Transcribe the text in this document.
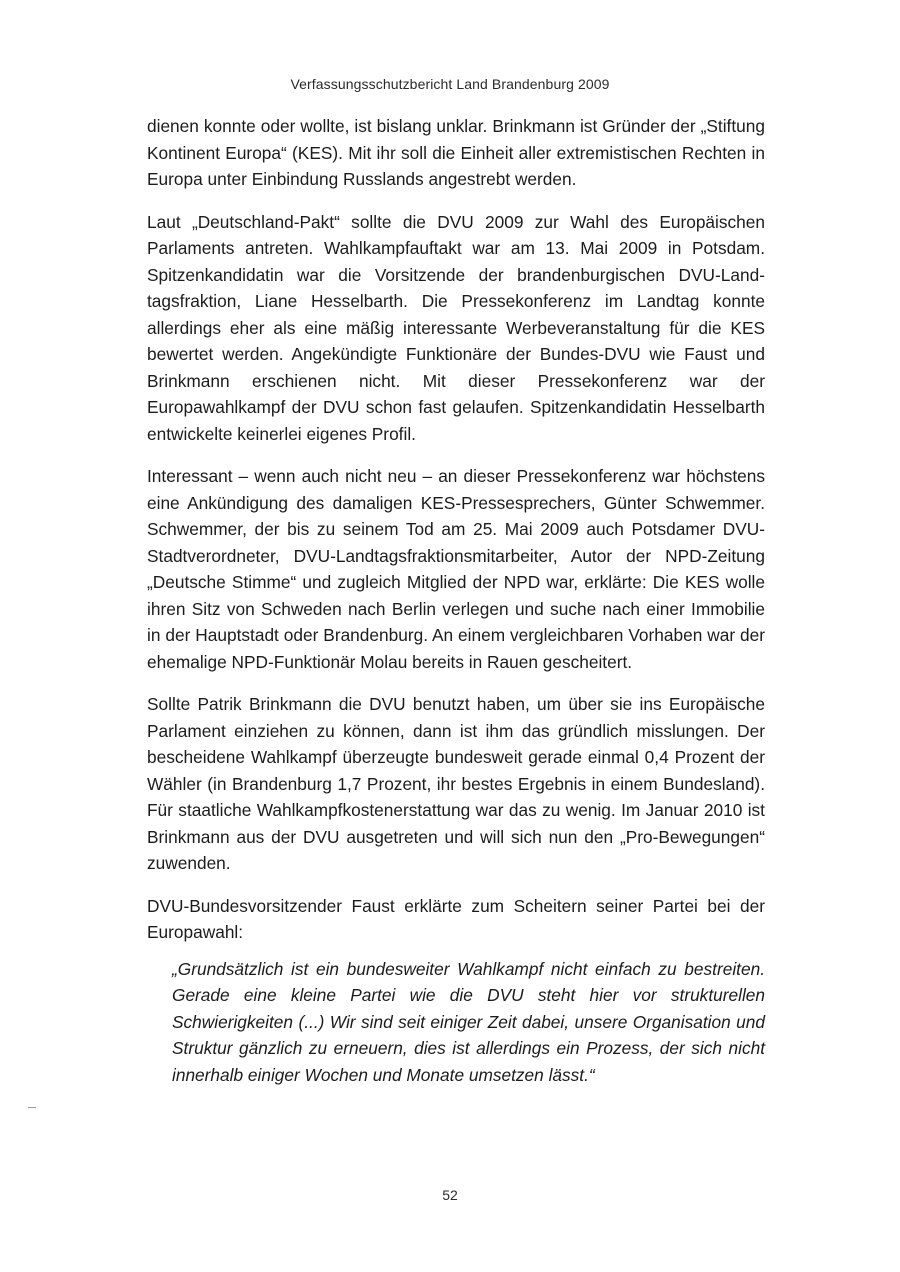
Verfassungsschutzbericht Land Brandenburg 2009

dienen konnte oder wollte, ist bislang unklar. Brinkmann ist Gründer der „Stiftung Kontinent Europa“ (KES). Mit ihr soll die Einheit aller extremistischen Rechten in Europa unter Einbindung Russlands angestrebt werden.

Laut „Deutschland-Pakt“ sollte die DVU 2009 zur Wahl des Europäischen Parlaments antreten. Wahlkampfauftakt war am 13. Mai 2009 in Potsdam. Spitzenkandidatin war die Vorsitzende der brandenburgischen DVU-Landtagsfraktion, Liane Hesselbarth. Die Pressekonferenz im Landtag konnte allerdings eher als eine mäßig interessante Werbeveranstaltung für die KES bewertet werden. Angekündigte Funktionäre der Bundes-DVU wie Faust und Brinkmann erschienen nicht. Mit dieser Pressekonferenz war der Europawahlkampf der DVU schon fast gelaufen. Spitzenkandidatin Hesselbarth entwickelte keinerlei eigenes Profil.

Interessant – wenn auch nicht neu – an dieser Pressekonferenz war höchstens eine Ankündigung des damaligen KES-Pressesprechers, Günter Schwemmer. Schwemmer, der bis zu seinem Tod am 25. Mai 2009 auch Potsdamer DVU-Stadtverordneter, DVU-Landtagsfraktionsmitarbeiter, Autor der NPD-Zeitung „Deutsche Stimme“ und zugleich Mitglied der NPD war, erklärte: Die KES wolle ihren Sitz von Schweden nach Berlin verlegen und suche nach einer Immobilie in der Hauptstadt oder Brandenburg. An einem vergleichbaren Vorhaben war der ehemalige NPD-Funktionär Molau bereits in Rauen gescheitert.

Sollte Patrik Brinkmann die DVU benutzt haben, um über sie ins Europäische Parlament einziehen zu können, dann ist ihm das gründlich misslungen. Der bescheidene Wahlkampf überzeugte bundesweit gerade einmal 0,4 Prozent der Wähler (in Brandenburg 1,7 Prozent, ihr bestes Ergebnis in einem Bundesland). Für staatliche Wahlkampfkostenerstattung war das zu wenig. Im Januar 2010 ist Brinkmann aus der DVU ausgetreten und will sich nun den „Pro-Bewegungen“ zuwenden.

DVU-Bundesvorsitzender Faust erklärte zum Scheitern seiner Partei bei der Europawahl:

„Grundsätzlich ist ein bundesweiter Wahlkampf nicht einfach zu bestreiten. Gerade eine kleine Partei wie die DVU steht hier vor strukturellen Schwierigkeiten (...) Wir sind seit einiger Zeit dabei, unsere Organisation und Struktur gänzlich zu erneuern, dies ist allerdings ein Prozess, der sich nicht innerhalb einiger Wochen und Monate umsetzen lässt.“

52
